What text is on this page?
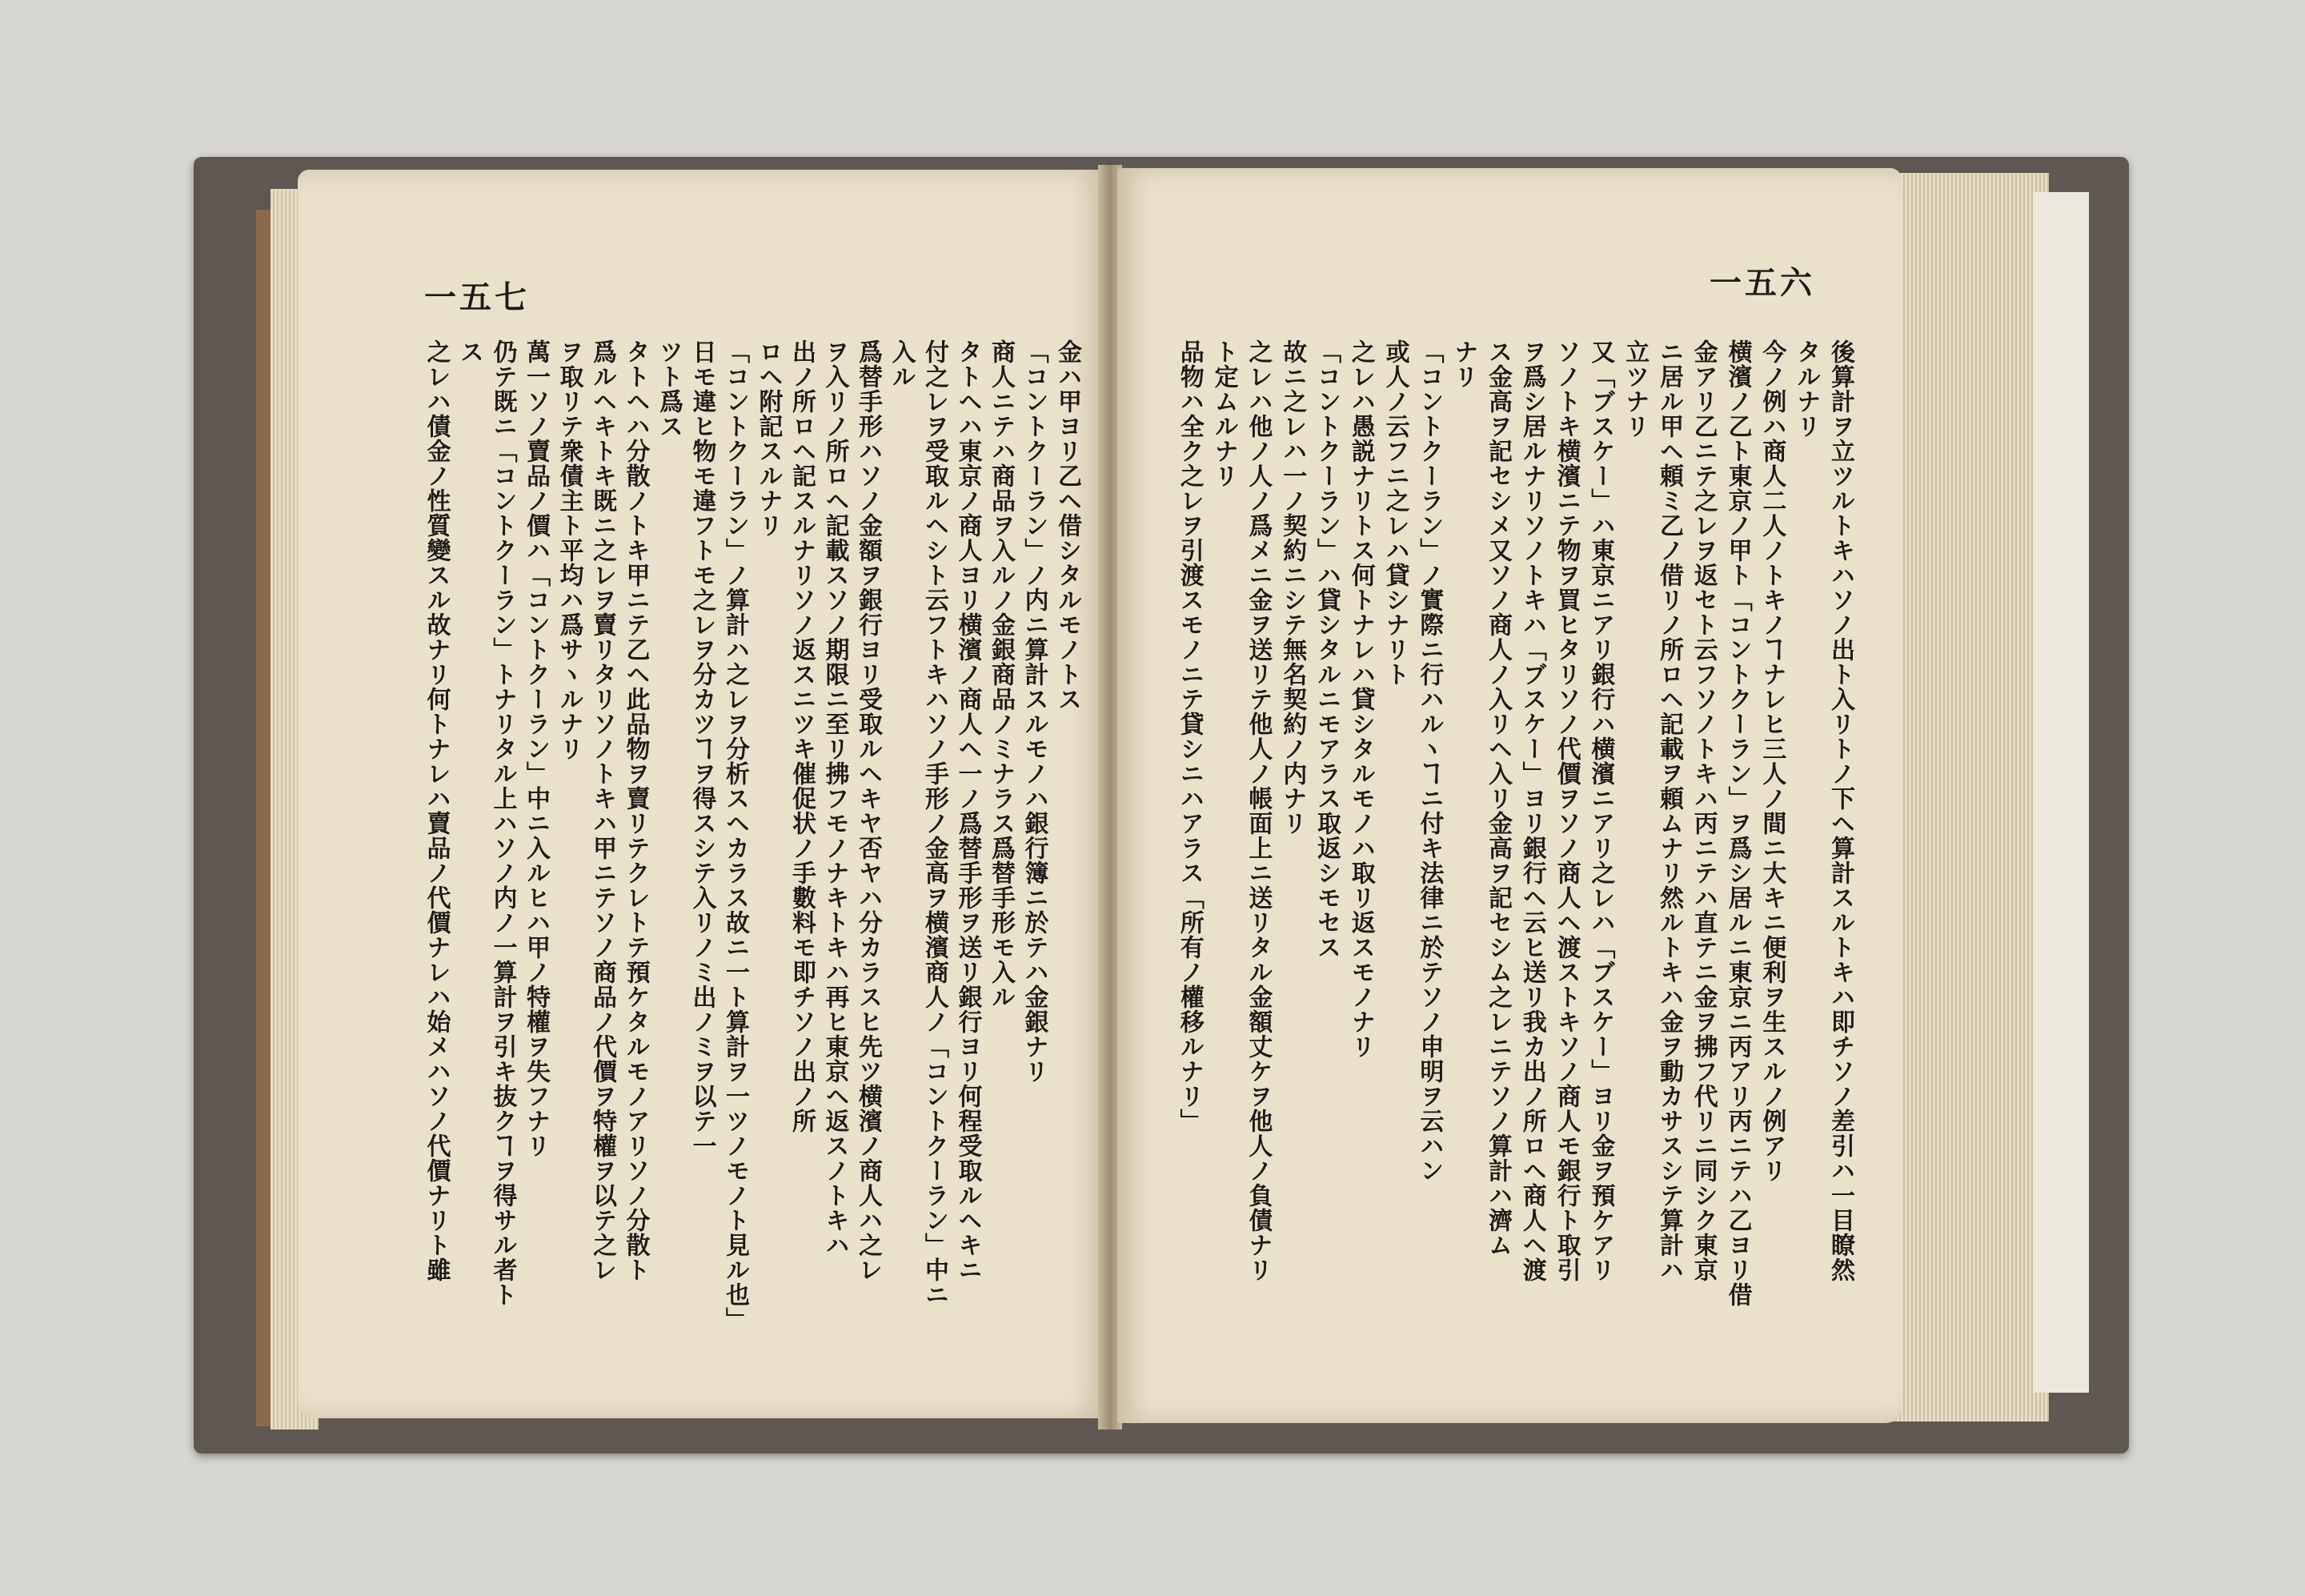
一五七	一五六
金ハ甲ヨリ乙ヘ借シタルモノトス
「コントクーラン」ノ内ニ算計スルモノハ銀行簿ニ於テハ金銀ナリ
商人ニテハ商品ヲ入ルノ金銀商品ノミナラス爲替手形モ入ル
タトヘハ東京ノ商人ヨリ横濱ノ商人ヘ一ノ爲替手形ヲ送リ銀行ヨリ何程受取ルヘキニ
付之レヲ受取ルヘシト云フトキハソノ手形ノ金高ヲ横濱商人ノ「コントクーラン」中ニ
入ル
爲替手形ハソノ金額ヲ銀行ヨリ受取ルヘキヤ否ヤハ分カラスヒ先ツ横濱ノ商人ハ之レ
ヲ入リノ所ロヘ記載スソノ期限ニ至リ拂フモノナキトキハ再ヒ東京ヘ返スノトキハ
出ノ所ロヘ記スルナリソノ返スニツキ催促状ノ手數料モ即チソノ出ノ所
ロヘ附記スルナリ
「コントクーラン」ノ算計ハ之レヲ分析スヘカラス故ニ一ト算計ヲ一ツノモノト見ル也」
日モ違ヒ物モ違フトモ之レヲ分カツヿヲ得スシテ入リノミ出ノミヲ以テ一
ツト爲ス
タトヘハ分散ノトキ甲ニテ乙ヘ此品物ヲ賣リテクレトテ預ケタルモノアリソノ分散ト
爲ルヘキトキ既ニ之レヲ賣リタリソノトキハ甲ニテソノ商品ノ代價ヲ特權ヲ以テ之レ
ヲ取リテ衆債主ト平均ハ爲サヽルナリ
萬一ソノ賣品ノ價ハ「コントクーラン」中ニ入ルヒハ甲ノ特權ヲ失フナリ
仍テ既ニ「コントクーラン」トナリタル上ハソノ内ノ一算計ヲ引キ抜クヿヲ得サル者ト
ス
之レハ債金ノ性質變スル故ナリ何トナレハ賣品ノ代價ナレハ始メハソノ代價ナリト雖	後算計ヲ立ツルトキハソノ出ト入リトノ下ヘ算計スルトキハ即チソノ差引ハ一目瞭然
タルナリ
今ノ例ハ商人二人ノトキノヿナレヒ三人ノ間ニ大キニ便利ヲ生スルノ例アリ
横濱ノ乙ト東京ノ甲ト「コントクーラン」ヲ爲シ居ルニ東京ニ丙アリ丙ニテハ乙ヨリ借
金アリ乙ニテ之レヲ返セト云フソノトキハ丙ニテハ直テニ金ヲ拂フ代リニ同シク東京
ニ居ル甲ヘ頼ミ乙ノ借リノ所ロヘ記載ヲ頼ムナリ然ルトキハ金ヲ動カサスシテ算計ハ
立ツナリ
又「ブスケー」ハ東京ニアリ銀行ハ横濱ニアリ之レハ「ブスケー」ヨリ金ヲ預ケアリ
ソノトキ横濱ニテ物ヲ買ヒタリソノ代價ヲソノ商人ヘ渡ストキソノ商人モ銀行ト取引
ヲ爲シ居ルナリソノトキハ「ブスケー」ヨリ銀行ヘ云ヒ送リ我カ出ノ所ロヘ商人ヘ渡
ス金高ヲ記セシメ又ソノ商人ノ入リヘ入リ金高ヲ記セシム之レニテソノ算計ハ濟ム
ナリ
「コントクーラン」ノ實際ニ行ハルヽヿニ付キ法律ニ於テソノ申明ヲ云ハン
或人ノ云フニ之レハ貸シナリト
之レハ愚説ナリトス何トナレハ貸シタルモノハ取リ返スモノナリ
「コントクーラン」ハ貸シタルニモアラス取返シモセス
故ニ之レハ一ノ契約ニシテ無名契約ノ内ナリ
之レハ他ノ人ノ爲メニ金ヲ送リテ他人ノ帳面上ニ送リタル金額丈ケヲ他人ノ負債ナリ
ト定ムルナリ
品物ハ全ク之レヲ引渡スモノニテ貸シニハアラス「所有ノ權移ルナリ」
